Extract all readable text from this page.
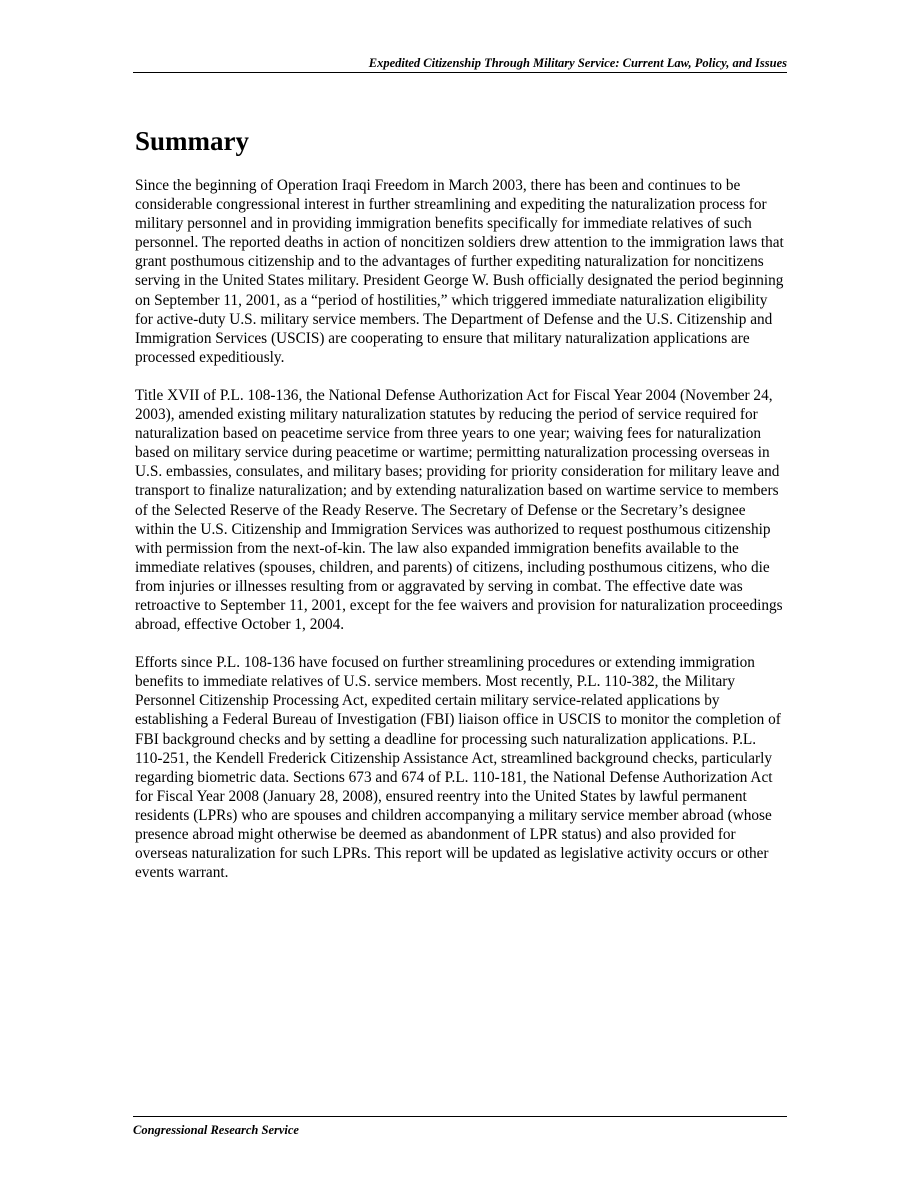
Expedited Citizenship Through Military Service: Current Law, Policy, and Issues
Summary

Since the beginning of Operation Iraqi Freedom in March 2003, there has been and continues to be considerable congressional interest in further streamlining and expediting the naturalization process for military personnel and in providing immigration benefits specifically for immediate relatives of such personnel. The reported deaths in action of noncitizen soldiers drew attention to the immigration laws that grant posthumous citizenship and to the advantages of further expediting naturalization for noncitizens serving in the United States military. President George W. Bush officially designated the period beginning on September 11, 2001, as a “period of hostilities,” which triggered immediate naturalization eligibility for active-duty U.S. military service members. The Department of Defense and the U.S. Citizenship and Immigration Services (USCIS) are cooperating to ensure that military naturalization applications are processed expeditiously.

Title XVII of P.L. 108-136, the National Defense Authorization Act for Fiscal Year 2004 (November 24, 2003), amended existing military naturalization statutes by reducing the period of service required for naturalization based on peacetime service from three years to one year; waiving fees for naturalization based on military service during peacetime or wartime; permitting naturalization processing overseas in U.S. embassies, consulates, and military bases; providing for priority consideration for military leave and transport to finalize naturalization; and by extending naturalization based on wartime service to members of the Selected Reserve of the Ready Reserve. The Secretary of Defense or the Secretary’s designee within the U.S. Citizenship and Immigration Services was authorized to request posthumous citizenship with permission from the next-of-kin. The law also expanded immigration benefits available to the immediate relatives (spouses, children, and parents) of citizens, including posthumous citizens, who die from injuries or illnesses resulting from or aggravated by serving in combat. The effective date was retroactive to September 11, 2001, except for the fee waivers and provision for naturalization proceedings abroad, effective October 1, 2004.

Efforts since P.L. 108-136 have focused on further streamlining procedures or extending immigration benefits to immediate relatives of U.S. service members. Most recently, P.L. 110-382, the Military Personnel Citizenship Processing Act, expedited certain military service-related applications by establishing a Federal Bureau of Investigation (FBI) liaison office in USCIS to monitor the completion of FBI background checks and by setting a deadline for processing such naturalization applications. P.L. 110-251, the Kendell Frederick Citizenship Assistance Act, streamlined background checks, particularly regarding biometric data. Sections 673 and 674 of P.L. 110-181, the National Defense Authorization Act for Fiscal Year 2008 (January 28, 2008), ensured reentry into the United States by lawful permanent residents (LPRs) who are spouses and children accompanying a military service member abroad (whose presence abroad might otherwise be deemed as abandonment of LPR status) and also provided for overseas naturalization for such LPRs. This report will be updated as legislative activity occurs or other events warrant.

Congressional Research Service
